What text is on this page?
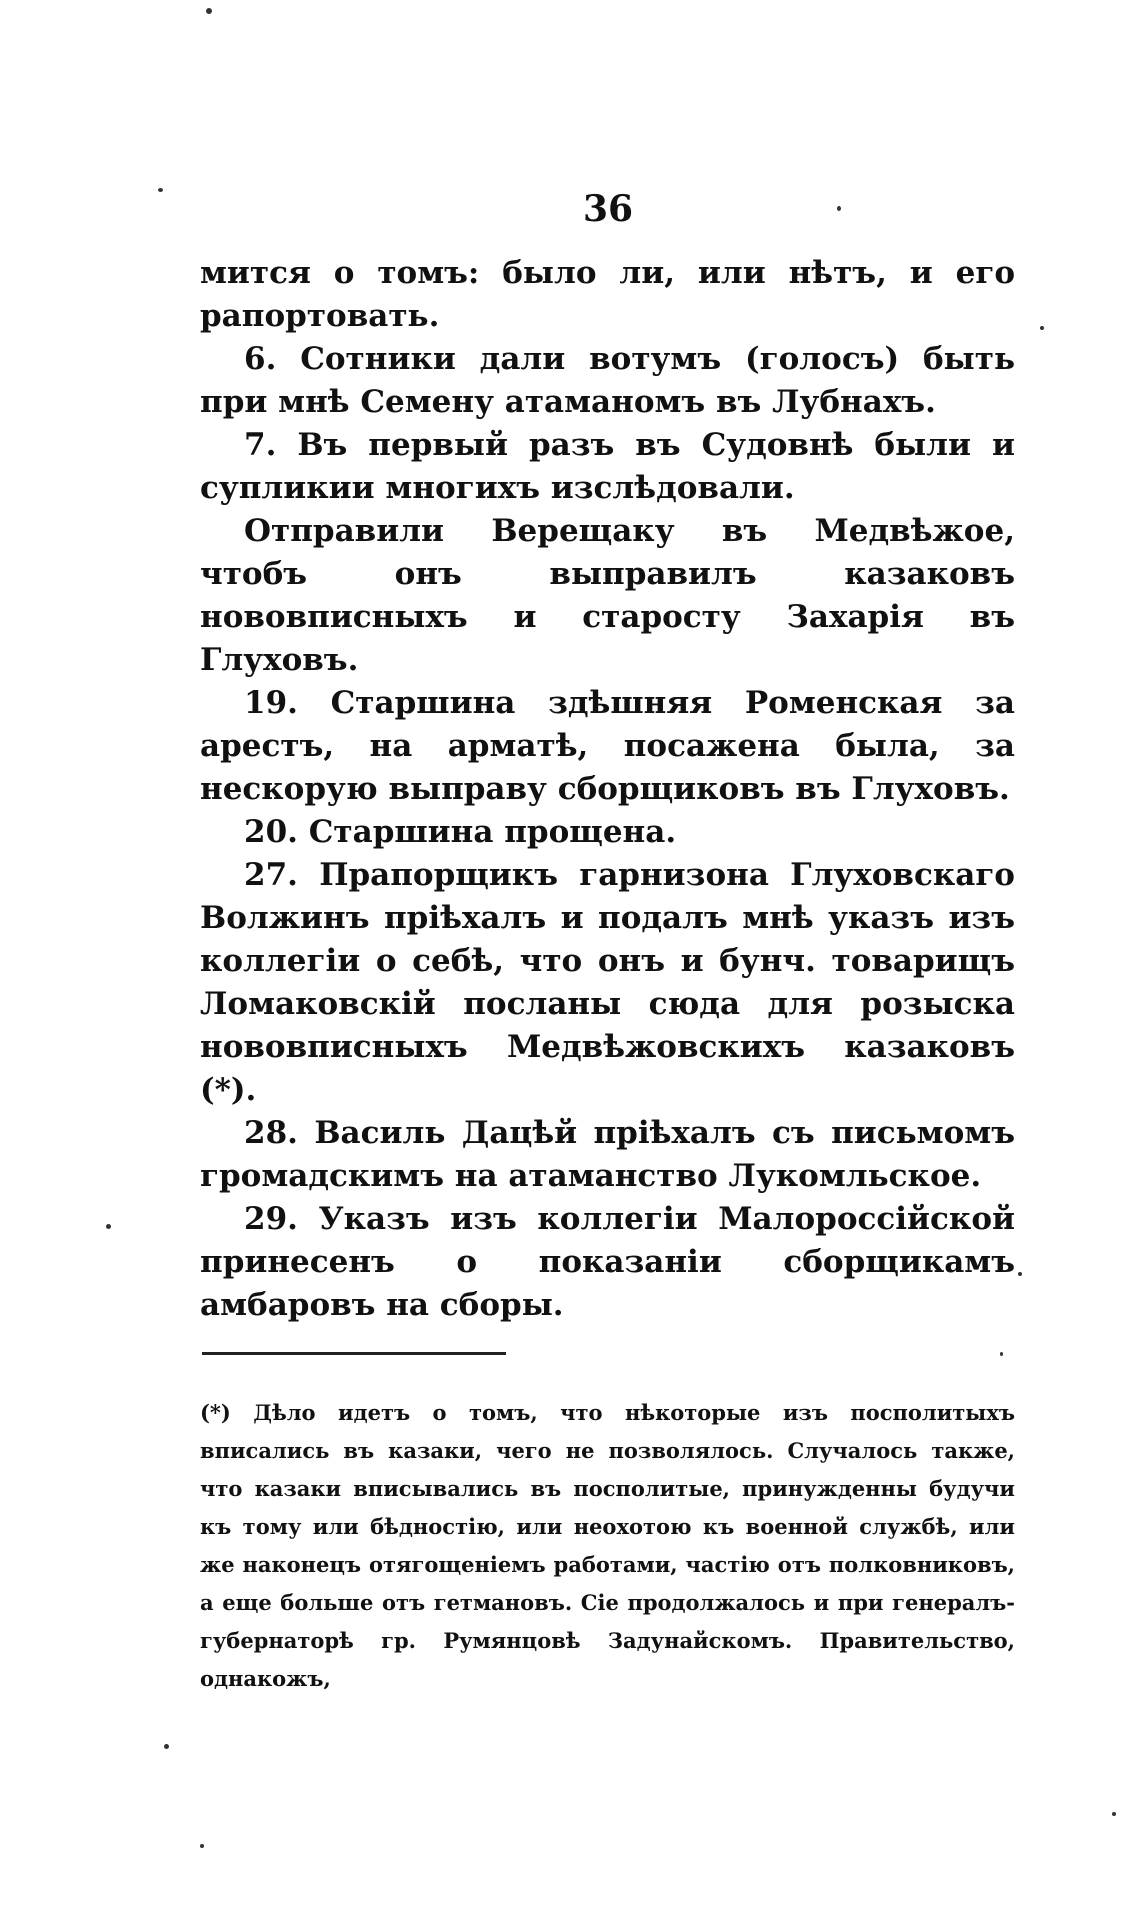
36

мится о томъ: было ли, или нѣтъ, и его рапортовать.

6. Сотники дали вотумъ (голосъ) быть при мнѣ Семену атаманомъ въ Лубнахъ.

7. Въ первый разъ въ Судовнѣ были и супликии многихъ изслѣдовали.

Отправили Верещаку въ Медвѣжое, чтобъ онъ выправилъ казаковъ нововписныхъ и старосту Захарія въ Глуховъ.

19. Старшина здѣшняя Роменская за арестъ, на арматѣ, посажена была, за нескорую выправу сборщиковъ въ Глуховъ.

20. Старшина прощена.

27. Прапорщикъ гарнизона Глуховскаго Волжинъ пріѣхалъ и подалъ мнѣ указъ изъ коллегіи о себѣ, что онъ и бунч. товарищъ Ломаковскій посланы сюда для розыска нововписныхъ Медвѣжовскихъ казаковъ (*).

28. Василь Дацѣй пріѣхалъ съ письмомъ громадскимъ на атаманство Лукомльское.

29. Указъ изъ коллегіи Малороссійской принесенъ о показаніи сборщикамъ амбаровъ на сборы.

(*) Дѣло идетъ о томъ, что нѣкоторые изъ посполитыхъ вписались въ казаки, чего не позволялось. Случалось также, что казаки вписывались въ посполитые, принужденны будучи къ тому или бѣдностію, или неохотою къ военной службѣ, или же наконецъ отягощеніемъ работами, частію отъ полковниковъ, а еще больше отъ гетмановъ. Сіе продолжалось и при генералъ-губернаторѣ гр. Румянцовѣ Задунайскомъ. Правительство, однакожъ,
